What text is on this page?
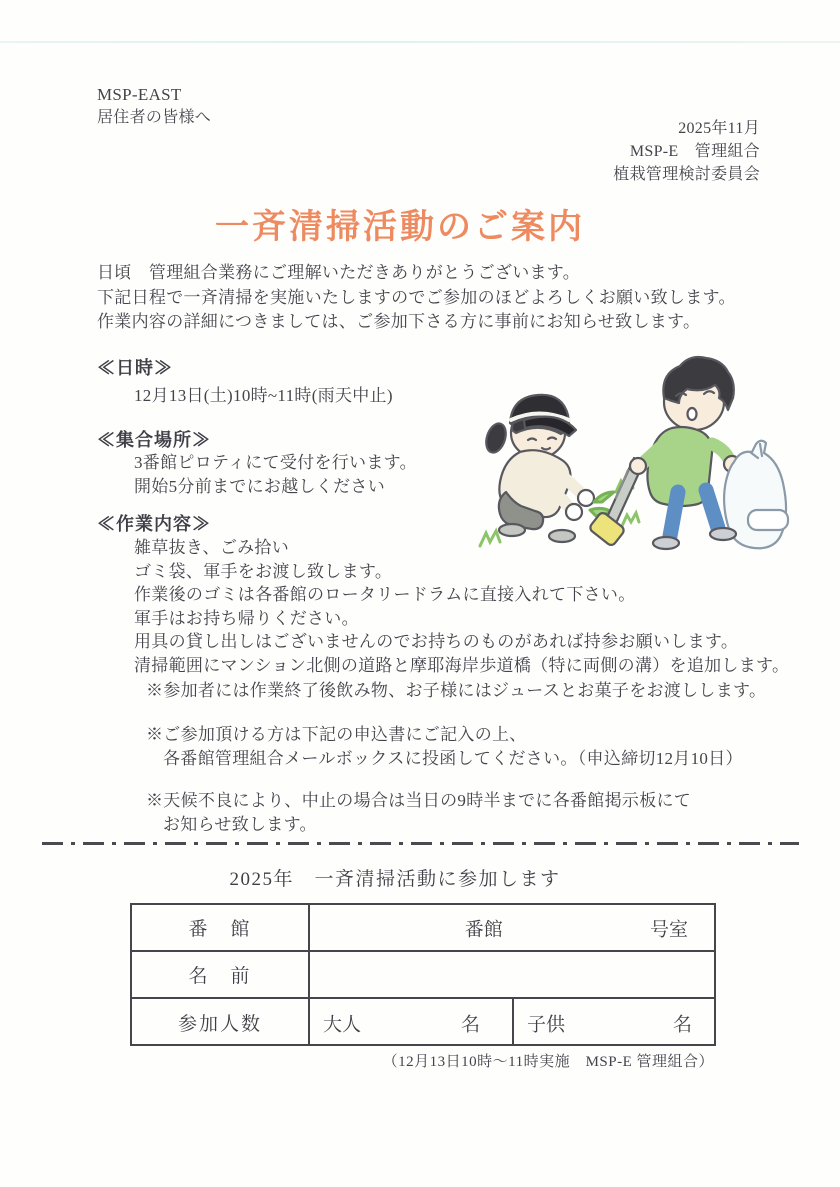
MSP-EAST
居住者の皆様へ
2025年11月
MSP-E　管理組合
植栽管理検討委員会
一斉清掃活動のご案内
日頃　管理組合業務にご理解いただきありがとうございます。
下記日程で一斉清掃を実施いたしますのでご参加のほどよろしくお願い致します。
作業内容の詳細につきましては、ご参加下さる方に事前にお知らせ致します。
≪日時≫
12月13日(土)10時~11時(雨天中止)
≪集合場所≫
3番館ピロティにて受付を行います。
開始5分前までにお越しください
≪作業内容≫
雑草抜き、ごみ拾い
ゴミ袋、軍手をお渡し致します。
作業後のゴミは各番館のロータリードラムに直接入れて下さい。
軍手はお持ち帰りください。
用具の貸し出しはございませんのでお持ちのものがあれば持参お願いします。
清掃範囲にマンション北側の道路と摩耶海岸歩道橋（特に両側の溝）を追加します。
※参加者には作業終了後飲み物、お子様にはジュースとお菓子をお渡しします。
※ご参加頂ける方は下記の申込書にご記入の上、
各番館管理組合メールボックスに投函してください。（申込締切12月10日）
※天候不良により、中止の場合は当日の9時半までに各番館掲示板にて
お知らせ致します。
2025年　一斉清掃活動に参加します
番　館	番館	号室
名　前
参加人数	大人	名 子供	名
（12月13日10時～11時実施　MSP-E 管理組合）
